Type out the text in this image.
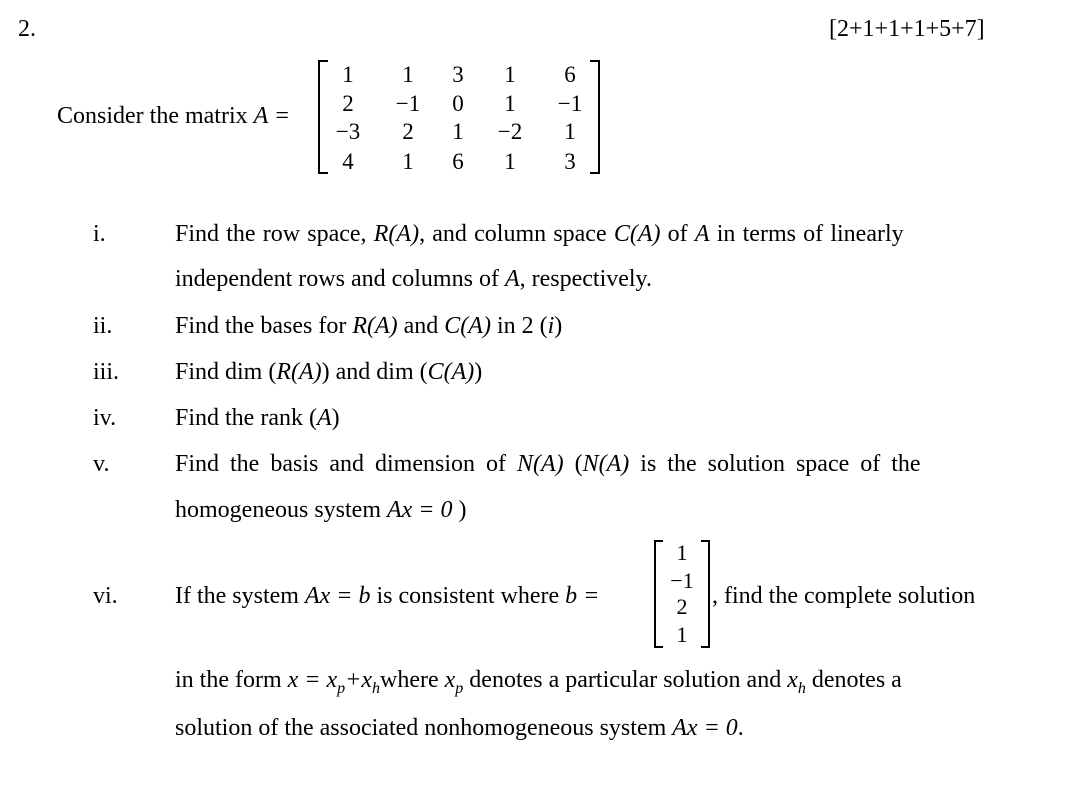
2.	[2+1+1+1+5+7]
Consider the matrix A =
1	1	3	1	6
2	−1	0	1	−1
−3	2	1	−2	1
4	1	6	1	3
i.	Find the row space, R(A), and column space C(A) of A in terms of linearly
independent rows and columns of A, respectively.
ii.	Find the bases for R(A) and C(A) in 2 (i)
iii. Find dim (R(A)) and dim (C(A))
iv. Find the rank (A)
v.	Find the basis and dimension of N(A) (N(A) is the solution space of the
homogeneous system Ax = 0 )
vi. If the system Ax = b is consistent where b =
1
−1
2
1
, find the complete solution
in the form $x = x_p+x_hwhere$ $x_p$ denotes a particular solution and $x_h$ denotes a
solution of the associated nonhomogeneous system Ax = 0.
